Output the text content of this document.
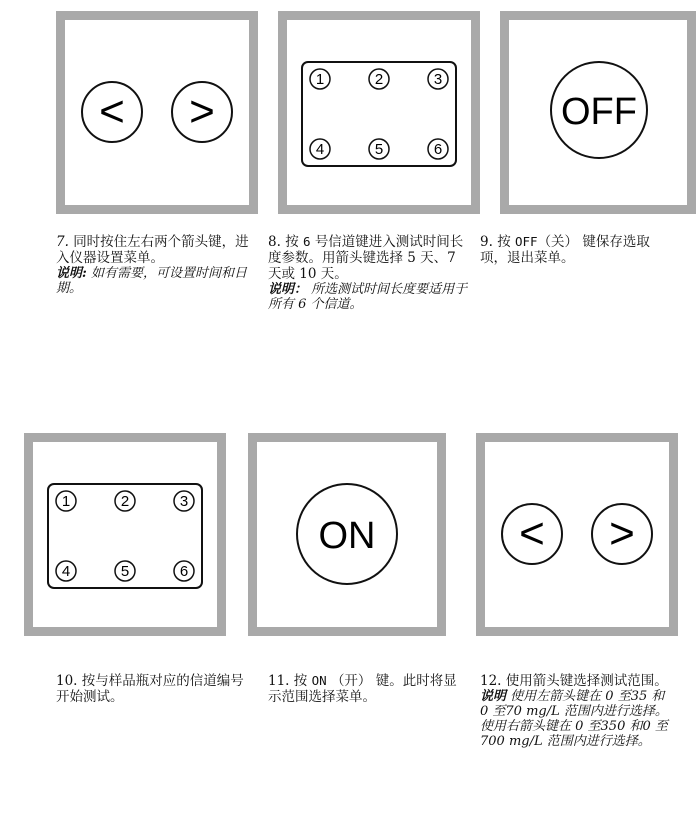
< >
1	2	3
4	5	6
OFF
7. 同时按住左右两个箭头键，进入仪器设置菜单。
说明: 如有需要，可设置时间和日期。
8. 按 6 号信道键进入测试时间长度参数。用箭头键选择 5 天、7 天或 10 天。
说明： 所选测试时间长度要适用于所有 6 个信道。
9. 按 OFF（关） 键保存选取项，退出菜单。
1	2	3
4	5	6
ON	< >
10. 按与样品瓶对应的信道编号开始测试。
11. 按 ON （开） 键。此时将显示范围选择菜单。
12. 使用箭头键选择测试范围。
说明 使用左箭头键在 0 至35 和
0 至70 mg/L 范围内进行选择。使用右箭头键在 0 至350 和0 至700 mg/L 范围内进行选择。
